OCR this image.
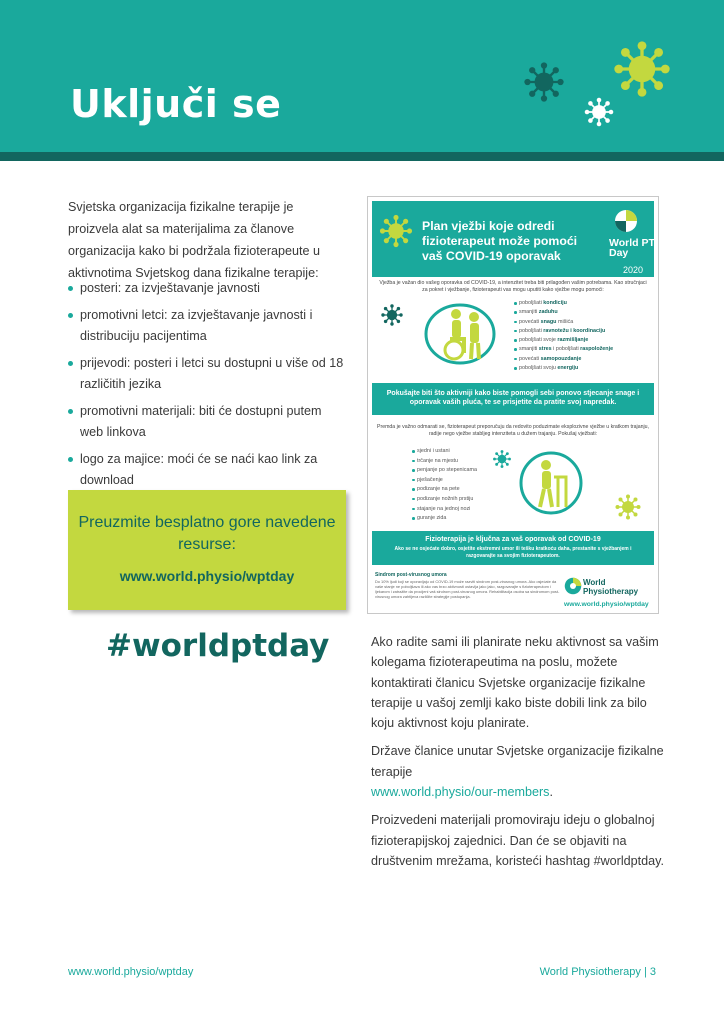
Uključi se

Svjetska organizacija fizikalne terapije je proizvela alat sa materijalima za članove organizacija kako bi podržala fizioterapeute u aktivnotima Svjetskog dana fizikalne terapije:

posteri: za izvještavanje javnosti
promotivni letci: za izvještavanje javnosti i distribuciju pacijentima
prijevodi: posteri i letci su dostupni u više od 18 različitih jezika
promotivni materijali: biti će dostupni putem web linkova
logo za majice: moći će se naći kao link za download
Preuzmite besplatno gore navedene resurse:
www.world.physio/wptday
#worldptday
Plan vježbi koje odredi fizioterapeut može pomoći vaš COVID-19 oporavak
World PT Day
2020
Vježba je važan dio vašeg oporavka od COVID-19, a intenzitet treba biti prilagođen vašim potrebama. Kao stručnjaci za pokret i vježbanje, fizioterapeuti vas mogu uputiti kako vježbe mogu pomoći:
poboljšati kondiciju
smanjiti zaduhu
povećati snagu mišića
poboljšati ravnotežu i koordinaciju
poboljšati svoje razmišljanje
smanjiti stres i poboljšati raspoloženje
povećati samopouzdanje
poboljšati svoju energiju
Pokušajte biti što aktivniji kako biste pomogli sebi ponovo stjecanje snage i oporavak vaših pluća, te se prisjetite da pratite svoj napredak.
Premda je važno odmarati se, fizioterapeut preporučuju da redovito poduzimate eksplozivne vježbe u kratkom trajanju, radije nego vježbe stabljeg intenziteta u dužem trajanju. Pokušaj vježbati:
sjedni i ustani
trčanje na mjestu
penjanje po stepenicama
pješačenje
podizanje na pete
podizanje nožnih prstiju
stajanje na jednoj nozi
guranje zida
Fizioterapija je ključna za vaš oporavak od COVID-19
Ako se ne osjećate dobro, osjetite ekstremni umor ili tešku kratkoću daha, prestanite s vježbanjem i razgovarajte sa svojim fizioterapeutom.
Sindrom post-virusnog umora
Do 10% ljudi koji se oporavljaju od COVID-19 može razviti sindrom post-virusnog umora. Ako osjećate da vaše stanje ne poboljšava ili ako vas brzo aktivnosti ostavlja jako jako, razgovarajte s fizioterapeutom i ljekarom i zatražite da procijeni vaš sindrom post-virusnog umora. Rehabilitacija osoba sa sindromom post-virusnog umora zahtijeva različite strategije postupanja.
World Physiotherapy
www.world.physio/wptday

Ako radite sami ili planirate neku aktivnost sa vašim kolegama fizioterapeutima na poslu, možete kontaktirati članicu Svjetske organizacije fizikalne terapije u vašoj zemlji kako biste dobili link za bilo koju aktivnost koju planirate.

Države članice unutar Svjetske organizacije fizikalne terapije
www.world.physio/our-members.

Proizvedeni materijali promoviraju ideju o globalnoj fizioterapijskoj zajednici. Dan će se objaviti na društvenim mrežama, koristeći hashtag #worldptday.

www.world.physio/wptday	World Physiotherapy | 3
